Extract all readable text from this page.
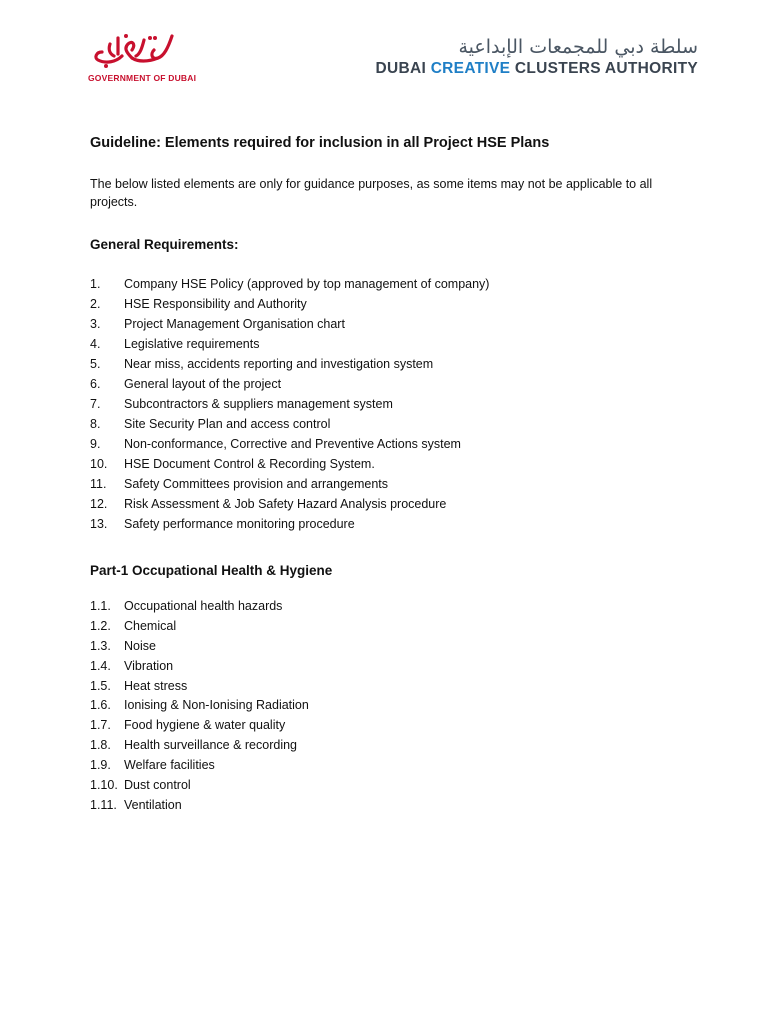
GOVERNMENT OF DUBAI
سلطة دبي للمجمعات الإبداعية
DUBAI CREATIVE CLUSTERS AUTHORITY
Guideline: Elements required for inclusion in all Project HSE Plans
The below listed elements are only for guidance purposes, as some items may not be applicable to all projects.
General Requirements:
1.	Company HSE Policy (approved by top management of company)
2.	HSE Responsibility and Authority
3.	Project Management Organisation chart
4.	Legislative requirements
5.	Near miss, accidents reporting and investigation system
6.	General layout of the project
7.	Subcontractors & suppliers management system
8.	Site Security Plan and access control
9.	Non-conformance, Corrective and Preventive Actions system
10.	HSE Document Control & Recording System.
11.	Safety Committees provision and arrangements
12.	Risk Assessment & Job Safety Hazard Analysis procedure
13.	Safety performance monitoring procedure
Part-1 Occupational Health & Hygiene
1.1.	Occupational health hazards
1.2.	Chemical
1.3.	Noise
1.4.	Vibration
1.5.	Heat stress
1.6.	Ionising & Non-Ionising Radiation
1.7.	Food hygiene & water quality
1.8.	Health surveillance & recording
1.9.	Welfare facilities
1.10. Dust control
1.11. Ventilation
